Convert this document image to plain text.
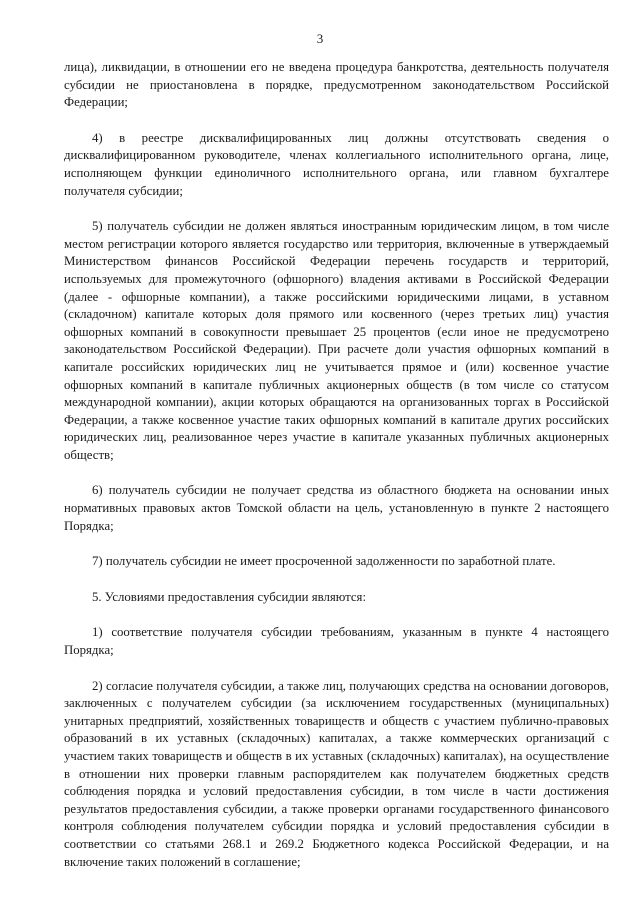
3

лица), ликвидации, в отношении его не введена процедура банкротства, деятельность получателя субсидии не приостановлена в порядке, предусмотренном законодательством Российской Федерации;

4) в реестре дисквалифицированных лиц должны отсутствовать сведения о дисквалифицированном руководителе, членах коллегиального исполнительного органа, лице, исполняющем функции единоличного исполнительного органа, или главном бухгалтере получателя субсидии;

5) получатель субсидии не должен являться иностранным юридическим лицом, в том числе местом регистрации которого является государство или территория, включенные в утверждаемый Министерством финансов Российской Федерации перечень государств и территорий, используемых для промежуточного (офшорного) владения активами в Российской Федерации (далее - офшорные компании), а также российскими юридическими лицами, в уставном (складочном) капитале которых доля прямого или косвенного (через третьих лиц) участия офшорных компаний в совокупности превышает 25 процентов (если иное не предусмотрено законодательством Российской Федерации). При расчете доли участия офшорных компаний в капитале российских юридических лиц не учитывается прямое и (или) косвенное участие офшорных компаний в капитале публичных акционерных обществ (в том числе со статусом международной компании), акции которых обращаются на организованных торгах в Российской Федерации, а также косвенное участие таких офшорных компаний в капитале других российских юридических лиц, реализованное через участие в капитале указанных публичных акционерных обществ;

6) получатель субсидии не получает средства из областного бюджета на основании иных нормативных правовых актов Томской области на цель, установленную в пункте 2 настоящего Порядка;

7) получатель субсидии не имеет просроченной задолженности по заработной плате.

5. Условиями предоставления субсидии являются:

1) соответствие получателя субсидии требованиям, указанным в пункте 4 настоящего Порядка;

2) согласие получателя субсидии, а также лиц, получающих средства на основании договоров, заключенных с получателем субсидии (за исключением государственных (муниципальных) унитарных предприятий, хозяйственных товариществ и обществ с участием публично-правовых образований в их уставных (складочных) капиталах, а также коммерческих организаций с участием таких товариществ и обществ в их уставных (складочных) капиталах), на осуществление в отношении них проверки главным распорядителем как получателем бюджетных средств соблюдения порядка и условий предоставления субсидии, в том числе в части достижения результатов предоставления субсидии, а также проверки органами государственного финансового контроля соблюдения получателем субсидии порядка и условий предоставления субсидии в соответствии со статьями 268.1 и 269.2 Бюджетного кодекса Российской Федерации, и на включение таких положений в соглашение;
